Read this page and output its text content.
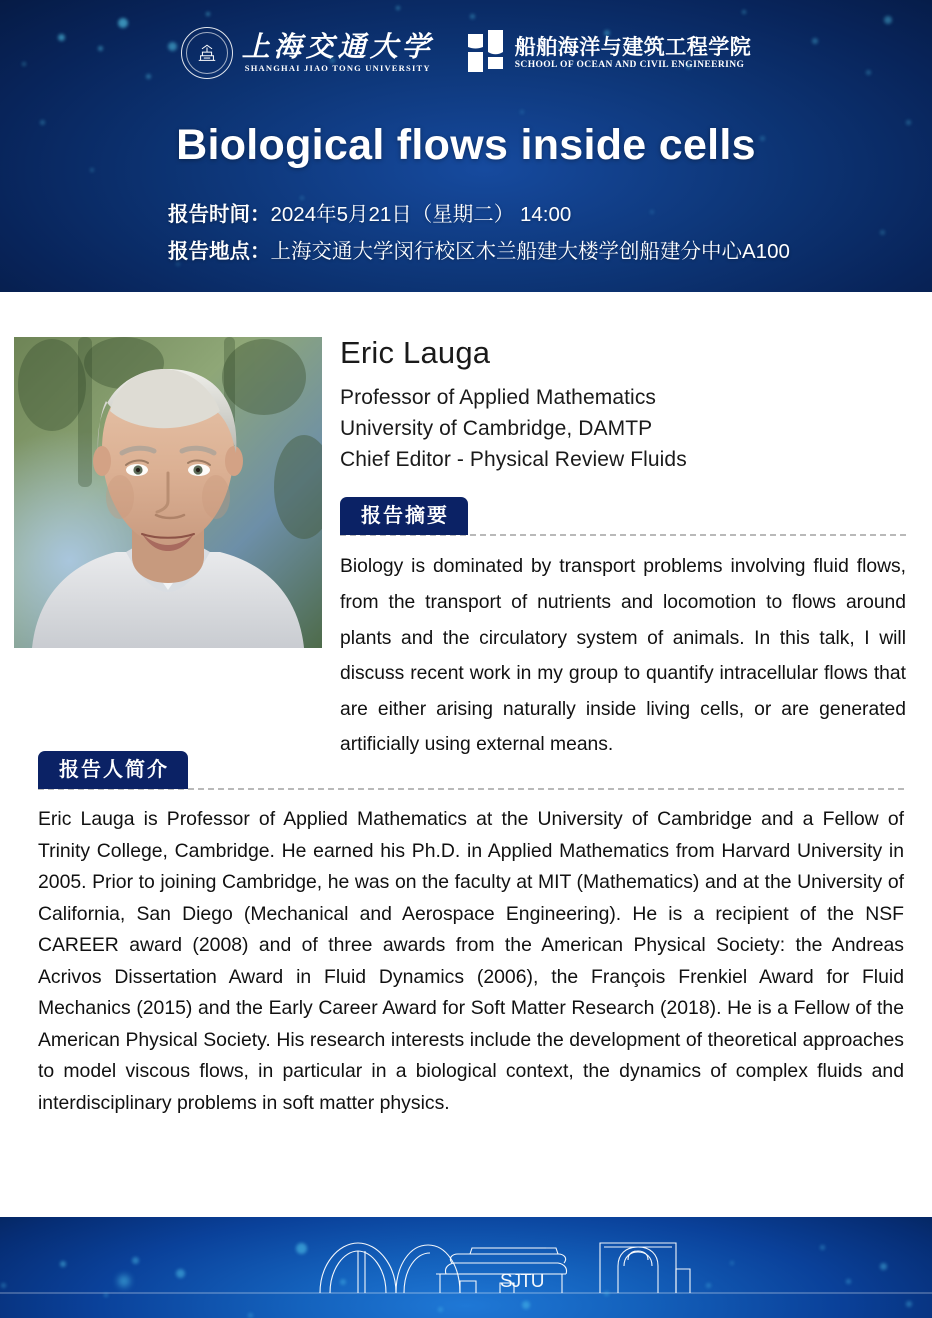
上海交通大学
SHANGHAI JIAO TONG UNIVERSITY
船舶海洋与建筑工程学院
SCHOOL OF OCEAN AND CIVIL ENGINEERING
Biological flows inside cells
报告时间：2024年5月21日（星期二） 14:00
报告地点：上海交通大学闵行校区木兰船建大楼学创船建分中心A100
Eric Lauga
Professor of Applied Mathematics
University of Cambridge, DAMTP
Chief Editor - Physical Review Fluids
报告摘要
Biology is dominated by transport problems involving fluid flows, from the transport of nutrients and locomotion to flows around plants and the circulatory system of animals. In this talk, I will discuss recent work in my group to quantify intracellular flows that are either arising naturally inside living cells, or are generated artificially using external means.
报告人简介
Eric Lauga is Professor of Applied Mathematics at the University of Cambridge and a Fellow of Trinity College, Cambridge. He earned his Ph.D. in Applied Mathematics from Harvard University in 2005. Prior to joining Cambridge, he was on the faculty at MIT (Mathematics) and at the University of California, San Diego (Mechanical and Aerospace Engineering). He is a recipient of the NSF CAREER award (2008) and of three awards from the American Physical Society: the Andreas Acrivos Dissertation Award in Fluid Dynamics (2006), the François Frenkiel Award for Fluid Mechanics (2015) and the Early Career Award for Soft Matter Research (2018). He is a Fellow of the American Physical Society. His research interests include the development of theoretical approaches to model viscous flows, in particular in a biological context, the dynamics of complex fluids and interdisciplinary problems in soft matter physics.
SJTU
